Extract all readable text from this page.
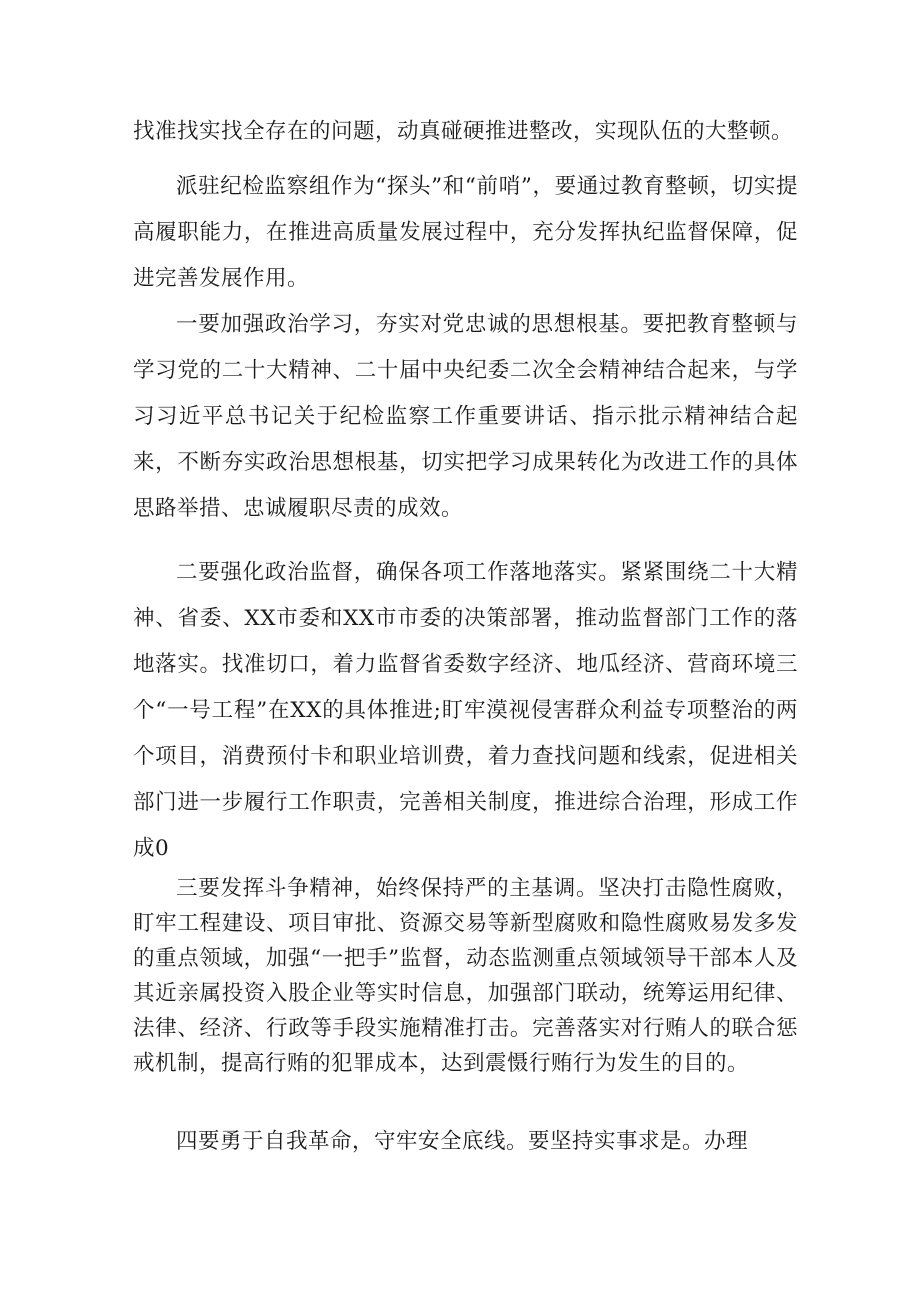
找准找实找全存在的问题，动真碰硬推进整改，实现队伍的大整顿。

派驻纪检监察组作为“探头”和“前哨”，要通过教育整顿，切实提高履职能力，在推进高质量发展过程中，充分发挥执纪监督保障，促进完善发展作用。

一要加强政治学习，夯实对党忠诚的思想根基。要把教育整顿与学习党的二十大精神、二十届中央纪委二次全会精神结合起来，与学习习近平总书记关于纪检监察工作重要讲话、指示批示精神结合起来，不断夯实政治思想根基，切实把学习成果转化为改进工作的具体思路举措、忠诚履职尽责的成效。

二要强化政治监督，确保各项工作落地落实。紧紧围绕二十大精神、省委、XX市委和XX市市委的决策部署，推动监督部门工作的落地落实。找准切口，着力监督省委数字经济、地瓜经济、营商环境三个“一号工程”在XX的具体推进;盯牢漠视侵害群众利益专项整治的两个项目，消费预付卡和职业培训费，着力查找问题和线索，促进相关部门进一步履行工作职责，完善相关制度，推进综合治理，形成工作成0

三要发挥斗争精神，始终保持严的主基调。坚决打击隐性腐败，盯牢工程建设、项目审批、资源交易等新型腐败和隐性腐败易发多发的重点领域，加强“一把手”监督，动态监测重点领域领导干部本人及其近亲属投资入股企业等实时信息，加强部门联动，统筹运用纪律、法律、经济、行政等手段实施精准打击。完善落实对行贿人的联合惩戒机制，提高行贿的犯罪成本，达到震慑行贿行为发生的目的。

四要勇于自我革命，守牢安全底线。要坚持实事求是。办理
